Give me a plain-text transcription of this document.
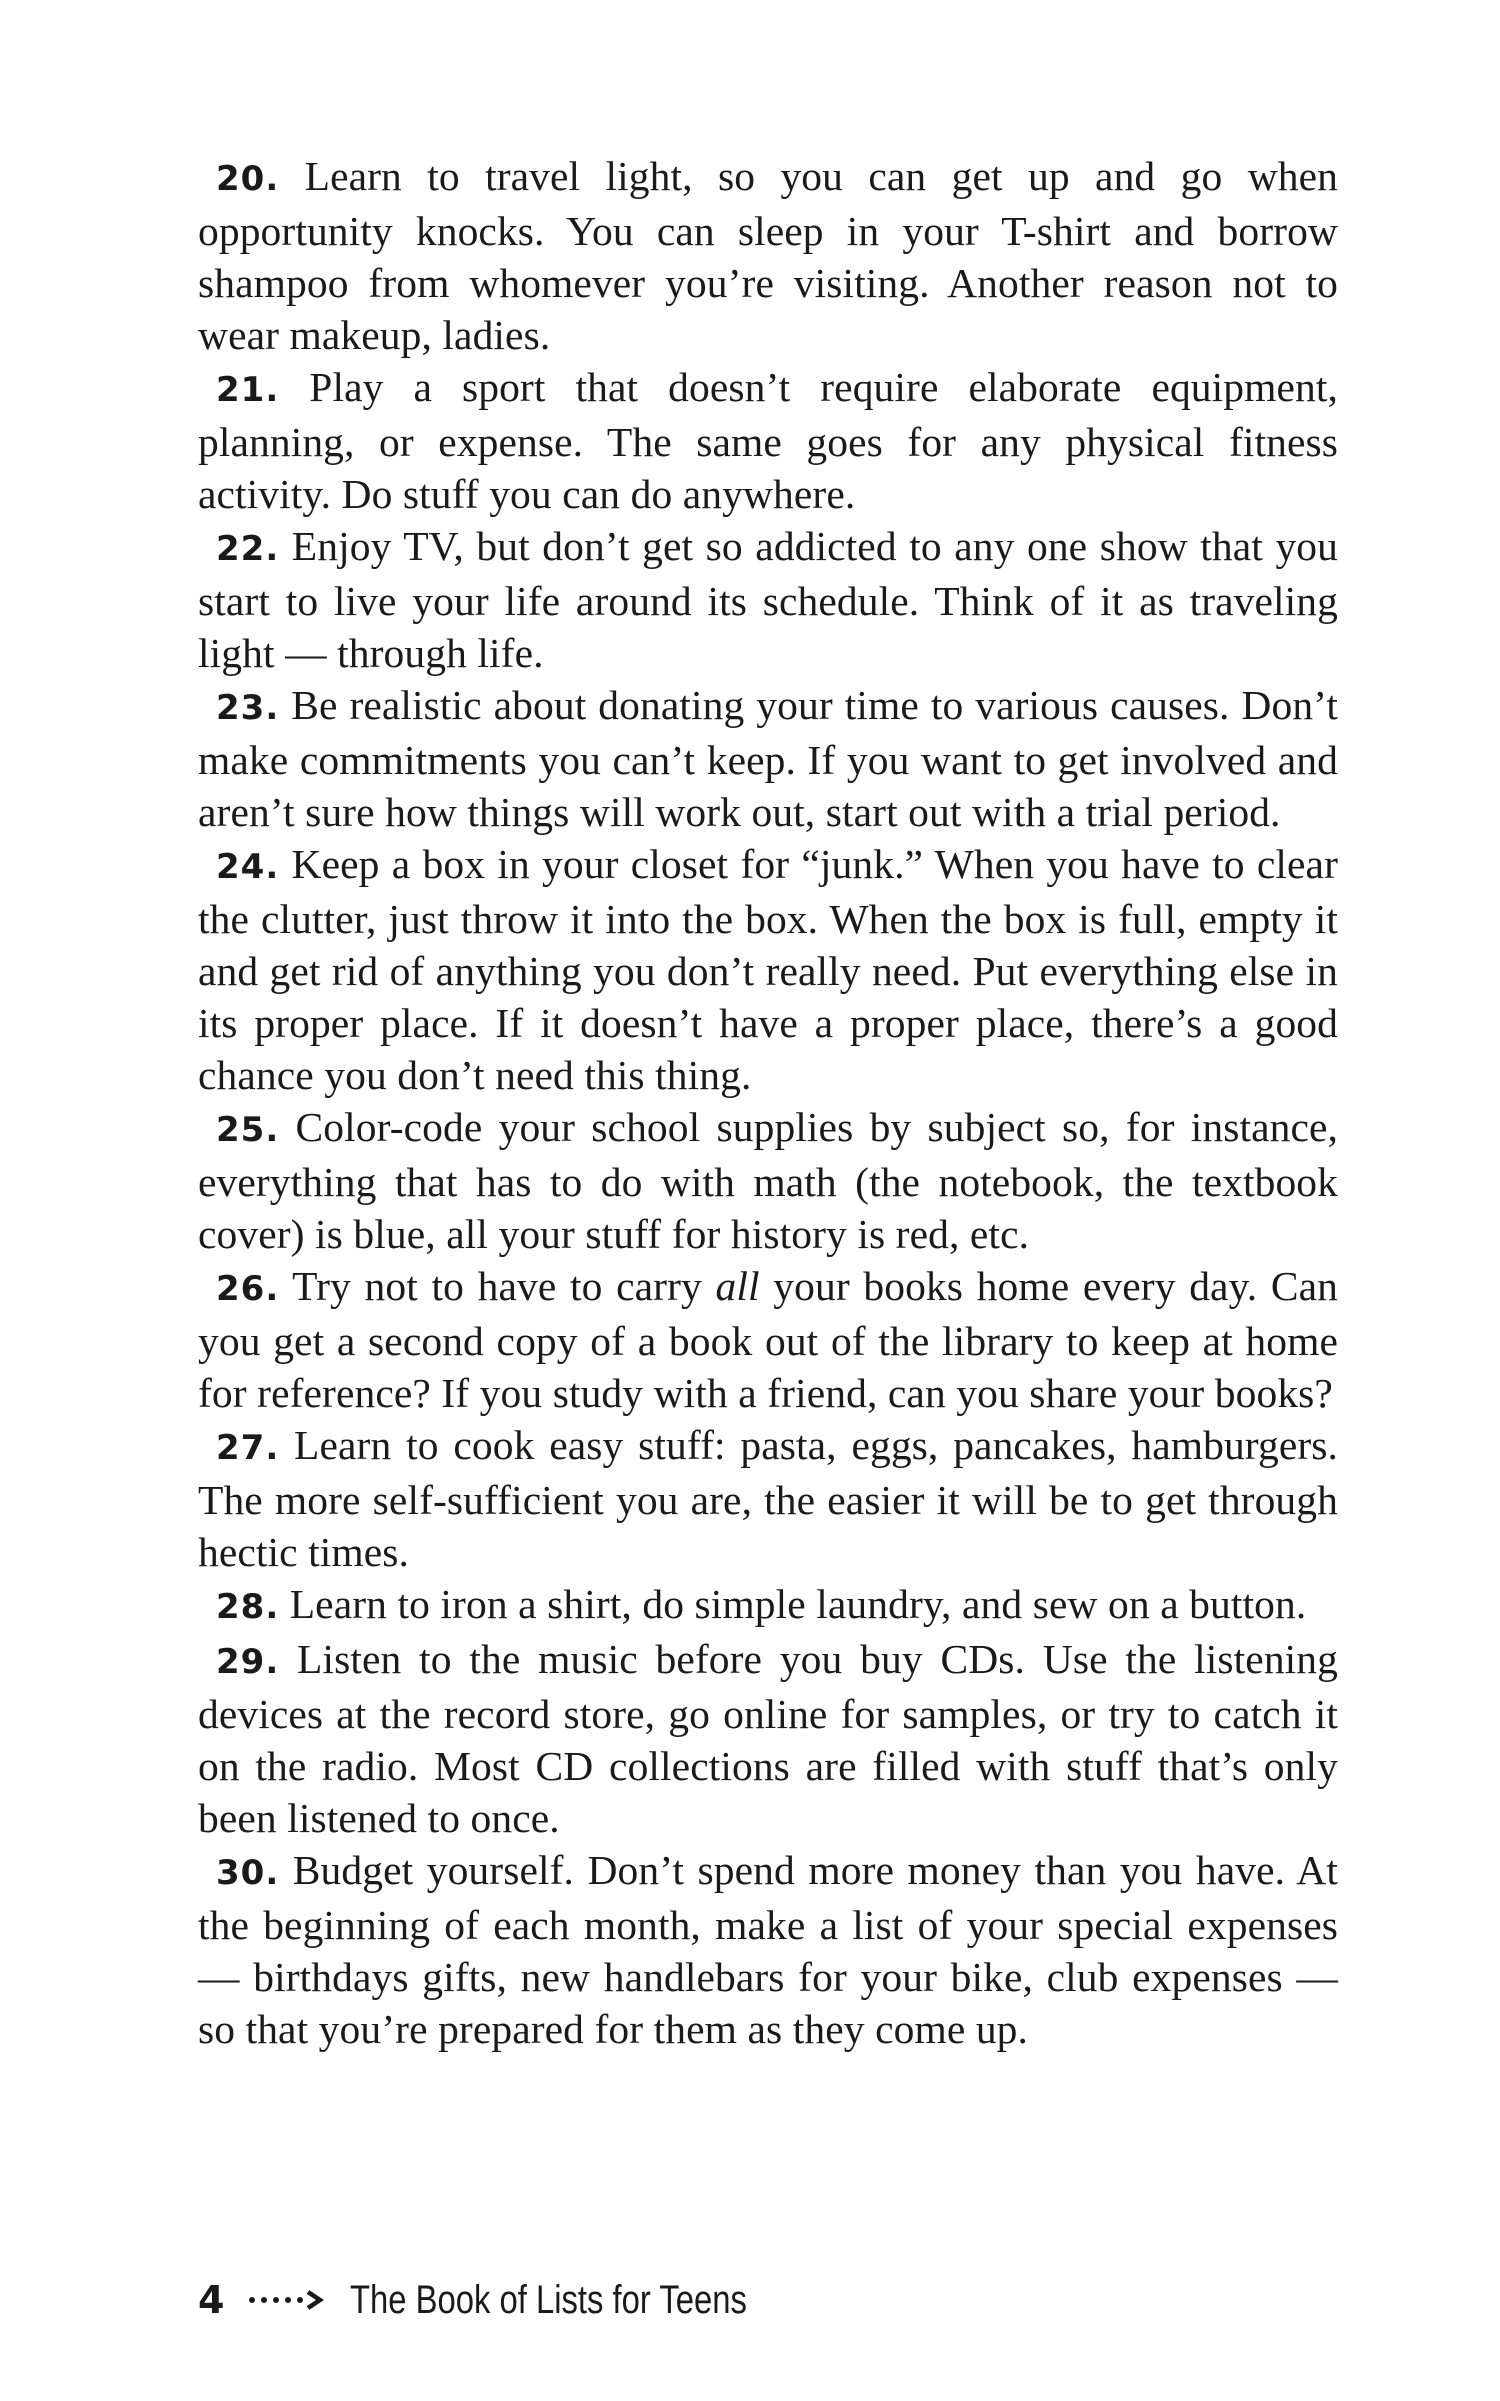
20. Learn to travel light, so you can get up and go when opportunity knocks. You can sleep in your T-shirt and borrow shampoo from whomever you’re visiting. Another reason not to wear makeup, ladies.

21. Play a sport that doesn’t require elaborate equipment, planning, or expense. The same goes for any physical fitness activity. Do stuff you can do anywhere.

22. Enjoy TV, but don’t get so addicted to any one show that you start to live your life around its schedule. Think of it as traveling light — through life.

23. Be realistic about donating your time to various causes. Don’t make commitments you can’t keep. If you want to get involved and aren’t sure how things will work out, start out with a trial period.

24. Keep a box in your closet for “junk.” When you have to clear the clutter, just throw it into the box. When the box is full, empty it and get rid of anything you don’t really need. Put everything else in its proper place. If it doesn’t have a proper place, there’s a good chance you don’t need this thing.

25. Color-code your school supplies by subject so, for instance, everything that has to do with math (the notebook, the textbook cover) is blue, all your stuff for history is red, etc.

26. Try not to have to carry all your books home every day. Can you get a second copy of a book out of the library to keep at home for reference? If you study with a friend, can you share your books?

27. Learn to cook easy stuff: pasta, eggs, pancakes, hamburgers. The more self-sufficient you are, the easier it will be to get through hectic times.

28. Learn to iron a shirt, do simple laundry, and sew on a button.

29. Listen to the music before you buy CDs. Use the listening devices at the record store, go online for samples, or try to catch it on the radio. Most CD collections are filled with stuff that’s only been listened to once.

30. Budget yourself. Don’t spend more money than you have. At the beginning of each month, make a list of your special expenses — birthdays gifts, new handlebars for your bike, club expenses — so that you’re prepared for them as they come up.

4	The Book of Lists for Teens
